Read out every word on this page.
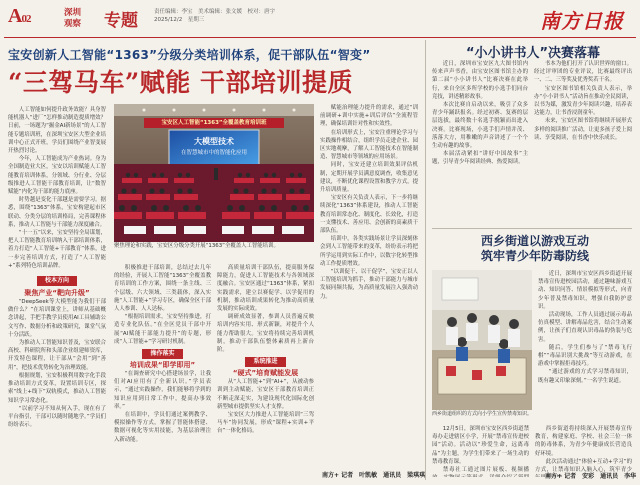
A02	深圳
观察	专题	责任编辑：李宝　美术编辑：张文媛　校对：唐宇
2025/12/2　星期三	南方日报
宝安创新人工智能“1363”分级分类培训体系，促干部队伍“智变”
“三驾马车”赋能 干部培训提质

人工智能如何提升政务效能？具身智能机器人“进厂”怎样推动制造提质增效？日前，一场题为“掘金AI新场景”的人工智能专题培训班，在深圳宝安区大型企业培训中心正式开班，学员们围绕产业智变展开热烈讨论。

今年，人工智能成为产业热词。身为全国制造业大区，宝安以培训赋能人工智能教育培训体系，分领域、分行业、分层级推进人工智能干部教育培训，让“数智赋能”内化为干部的能力底座。

时势越是变化干部越是需要学习。据悉，围绕“1363”体系，宝安构建起市区联动、分类分层的培训格局，完善课程体系，推动人工智能与干部能力深度融合。

“十一五”以来，宝安坚持全局谋划，把人工智能教育培训纳入干部培训体系，着力打造“人工智能+干部教育”体系，进一步完善培训方式，打造了“人工智能+”系列特色培训品牌。

校本方向
聚焦产业“靶向升级”

“DeepSeek等大模型能为我们干部做什么？”在培训课堂上，讲师从基础概念讲起，手把手教学员使用AI工具辅助公文写作、数据分析和政策研究，课堂气氛十分活跃。

为推动人工智能知识普及，宝安联合高校、科研院所和头部企业组建师资库，开发特色课程，让干部从“会用”到“善用”，把技术优势转化为治理效能。

根据规划，宝安积极利用数字化手段推动培训方式变革，设置培训专区，探索“线上+线下”双轨模式，推动人工智能知识学习常态化。

“以前学习不知从何入手，现在有了平台指引，干部可以随时随地学。”学员们纷纷表示。

宝安区人工智能“1363”全覆盖教育培训班
大模型技术
在智慧城市中的智能化应用
聚焦理论和实践，宝安区分级分类开展“1363”全覆盖人工智能培训。

积极推进干部培训，总结过去几年的经验，开展人工智能“1363”全覆盖教育培训的工作方案，围绕一条主线、三个层级、六大领域、三类载体，深入实施“人工智能+”学习专区，确保全区干部人人参训、人人达标。

“根据培训需求，宝安坚持推进，打造专业化队伍。”在全区党员干部中开展“AI赋能干部能力提升”的专题，形成“人工智能+”学习研讨机制。

操作落实
培训成果“即学即用”

“在调查研究中心搭建场景学，让我们对AI应用有了全新认识。”学员表示，“通过实践操作，我们能够将学到的知识应用到日常工作中，提高办事效率。”

在培训中，学员们通过案例教学、模拟操作等方式，掌握了智能体搭建、数据可视化等实用技能，为基层治理注入新动能。

高质量培训干部队伍，提高服务保障能力，促进人工智能技术与各领域深度融合。宝安区通过“1363”体系，紧扣实践需求，建立以赛促学、以学促用的机制，推动培训成果转化为推动高质量发展的实际成效。

调研成效显著，参训人员普遍反映培训内容实用、形式新颖，对提升个人能力帮助很大。宝安将持续完善培训机制，推动干部队伍整体素质再上新台阶。

系统推进
“硬式”培育赋能发展

从“人工智能+”到“AI+”，从被动参训到主动赋能，宝安区干部教育培训正不断走深走实，为建设现代化国际化创新型城市提供坚实人才支撑。

宝安区大力推进人工智能培训“三驾马车”协同发展，形成“课程+实训+平台”一体化格局。

赋能治理能力提升的需求，通过“训前调研+训中实施+训后评估”全流程管理，确保培训针对性和实效性。

在培训形式上，宝安注重理论学习与实践操作相结合，组织学员走进企业、园区实地观摩，了解人工智能技术在智能制造、智慧城市等领域的应用场景。

同时，宝安还建立培训效果评估机制，定期开展学员满意度调查，收集意见建议，不断优化课程设置和教学方式，提升培训质量。

宝安区有关负责人表示，下一步将继续深化“1363”体系建设，推动人工智能教育培训常态化、制度化、长效化，打造一支懂技术、善应用、会创新的高素质干部队伍。

培训中，各类实践场景让学员深刻体会到人工智能带来的变革，纷纷表示将把所学运用到实际工作中，以数字化转型推动工作提质增效。

“以训促干、以干促学”，宝安正以人工智能培训为抓手，推动干部能力与城市发展同频共振，为高质量发展注入强劲动力。

南方+ 记者　叶凯敏　通讯员　梁琪琪
“小小讲书人”决赛落幕

近日，深圳市宝安区九大图书馆内传来声声书香，由宝安区图书馆主办的第二届“小小讲书人”比赛决赛在此举行，来自全区多所学校的小选手们同台竞技，讲述精彩故事。

本次比赛自启动以来，吸引了众多青少年踊跃报名。经过初赛、复赛的层层选拔，最终数十名选手脱颖而出进入决赛。比赛现场，小选手们声情并茂、落落大方，用稚嫩的声音讲述了一个个生动有趣的故事。

本届活动紧扣“讲好中国故事”主题，引导青少年阅读经典、热爱阅读。

书本为他们打开了认识世界的窗口。经过评审团的专业评议，比赛最终评出一、二、三等奖及优秀奖若干名。

宝安区图书馆相关负责人表示，举办“小小讲书人”活动旨在推动全民阅读，以书为媒，激发青少年阅读兴趣，培养表达能力，让书香浸润童年。

未来，宝安区图书馆将继续开展形式多样的阅读推广活动，让更多孩子爱上阅读、享受阅读，在书香中快乐成长。

西乡街道以游戏互动
筑牢青少年防毒防线
西乡街道组织的方式向小学生宣传禁毒知识。

近日，深圳市宝安区西乡街道开展禁毒宣传进校园活动，通过趣味游戏互动、知识问答、情景模拟等形式，向青少年普及禁毒知识，增强自我防护意识。

活动现场，工作人员通过展示毒品仿真模型、讲解毒品危害，结合生动案例，让孩子们直观认识毒品的伪装与危害。

随后，学生们参与了“禁毒飞行棋”“毒品识别大挑战”等互动游戏，在游戏中掌握拒毒技巧。

“通过游戏的方式学习禁毒知识，既有趣又印象深刻。”一名学生说道。

12月5日，深圳市宝安区西乡街道禁毒办走进辖区小学，开展“禁毒宣传进校园”活动。活动以“珍爱生命，远离毒品”为主题，为学生们带来了一场生动的禁毒教育课。

禁毒社工通过图片展板、视频播

西乡街道将持续深入开展禁毒宣传教育，构建家庭、学校、社会三位一体的防毒体系，为青少年健康成长营造良好环境。

此次活动通过“体验+互动+学习”的方式，让禁毒知识入脑入心，筑牢青少

南方+ 记者　安彩　通讯员　李华
